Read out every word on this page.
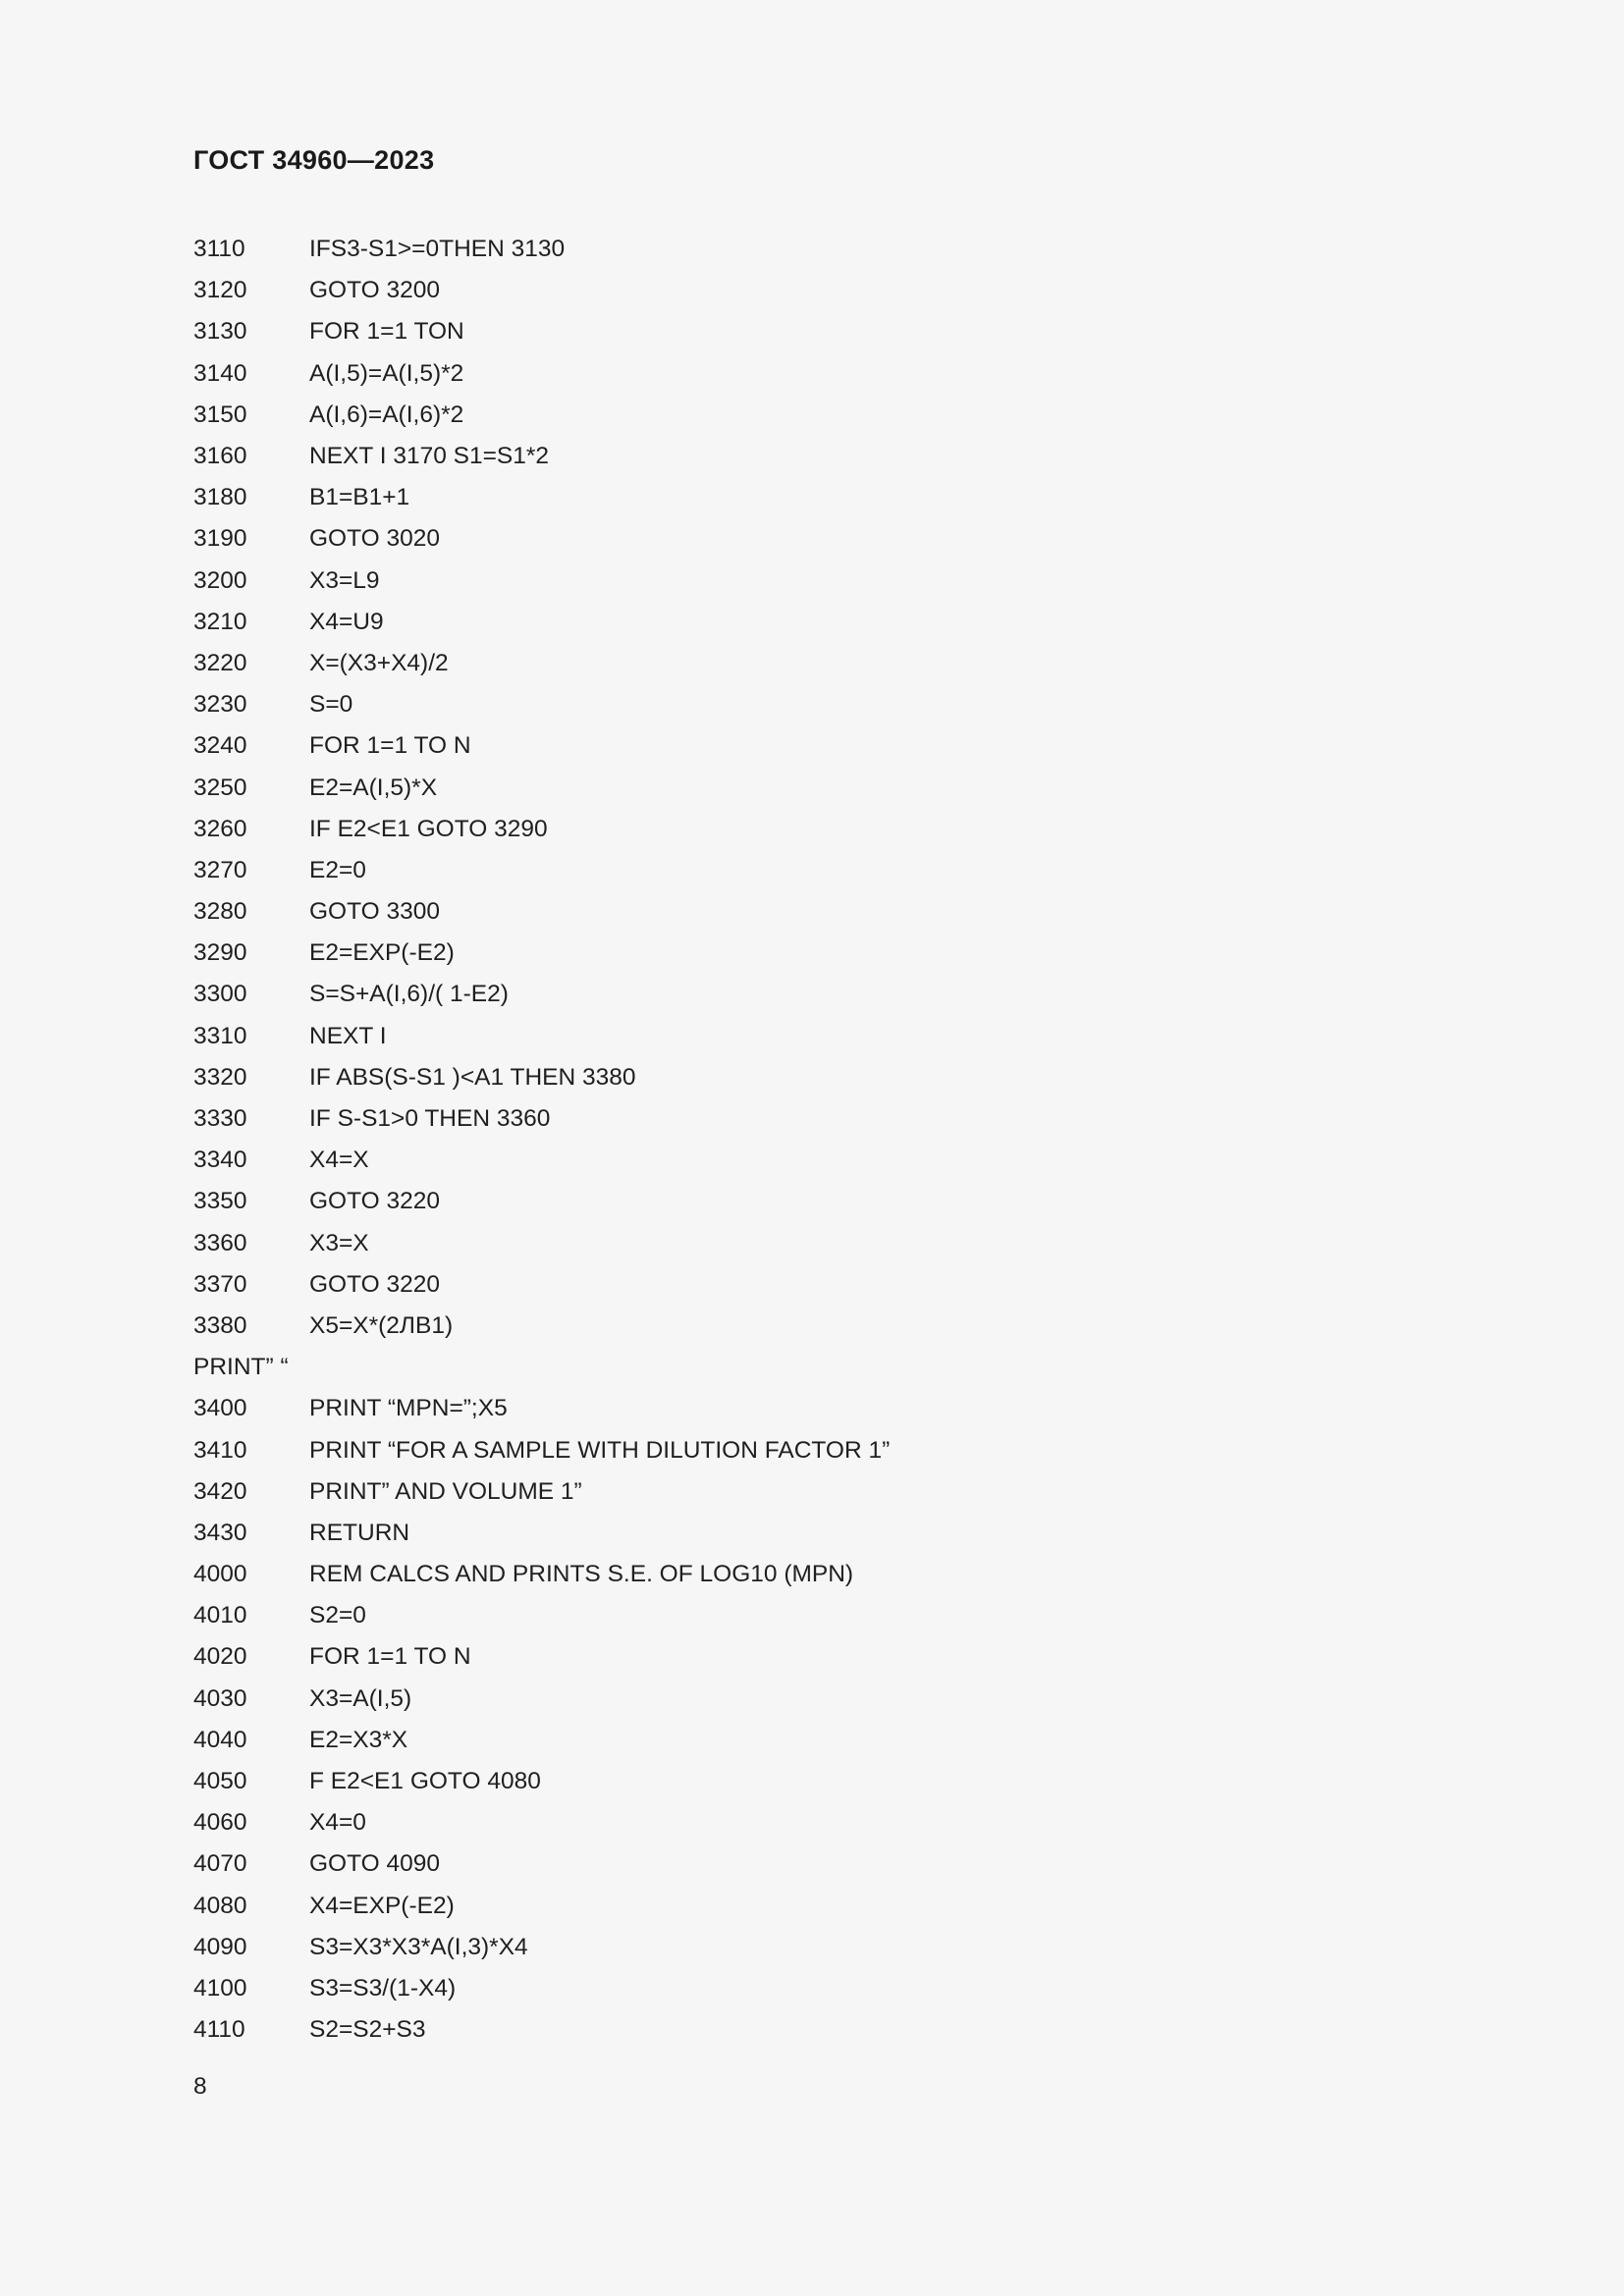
ГОСТ 34960—2023
3110	IFS3-S1>=0THEN 3130
3120	GOTO 3200
3130	FOR 1=1 TON
3140	A(I,5)=A(I,5)*2
3150	A(I,6)=A(I,6)*2
3160	NEXT I 3170 S1=S1*2
3180	B1=B1+1
3190	GOTO 3020
3200	X3=L9
3210	X4=U9
3220	X=(X3+X4)/2
3230	S=0
3240	FOR 1=1 TO N
3250	E2=A(I,5)*X
3260	IF E2<E1 GOTO 3290
3270	E2=0
3280	GOTO 3300
3290	E2=EXP(-E2)
3300	S=S+A(I,6)/( 1-E2)
3310	NEXT I
3320	IF ABS(S-S1 )<A1 THEN 3380
3330	IF S-S1>0 THEN 3360
3340	X4=X
3350	GOTO 3220
3360	X3=X
3370	GOTO 3220
3380	X5=X*(2ЛB1)
PRINT” “
3400	PRINT “MPN=”;X5
3410	PRINT “FOR A SAMPLE WITH DILUTION FACTOR 1”
3420	PRINT” AND VOLUME 1”
3430	RETURN
4000	REM CALCS AND PRINTS S.E. OF LOG10 (MPN)
4010	S2=0
4020	FOR 1=1 TO N
4030	X3=A(I,5)
4040	E2=X3*X
4050	F E2<E1 GOTO 4080
4060	X4=0
4070	GOTO 4090
4080	X4=EXP(-E2)
4090	S3=X3*X3*A(I,3)*X4
4100	S3=S3/(1-X4)
4110	S2=S2+S3
8
